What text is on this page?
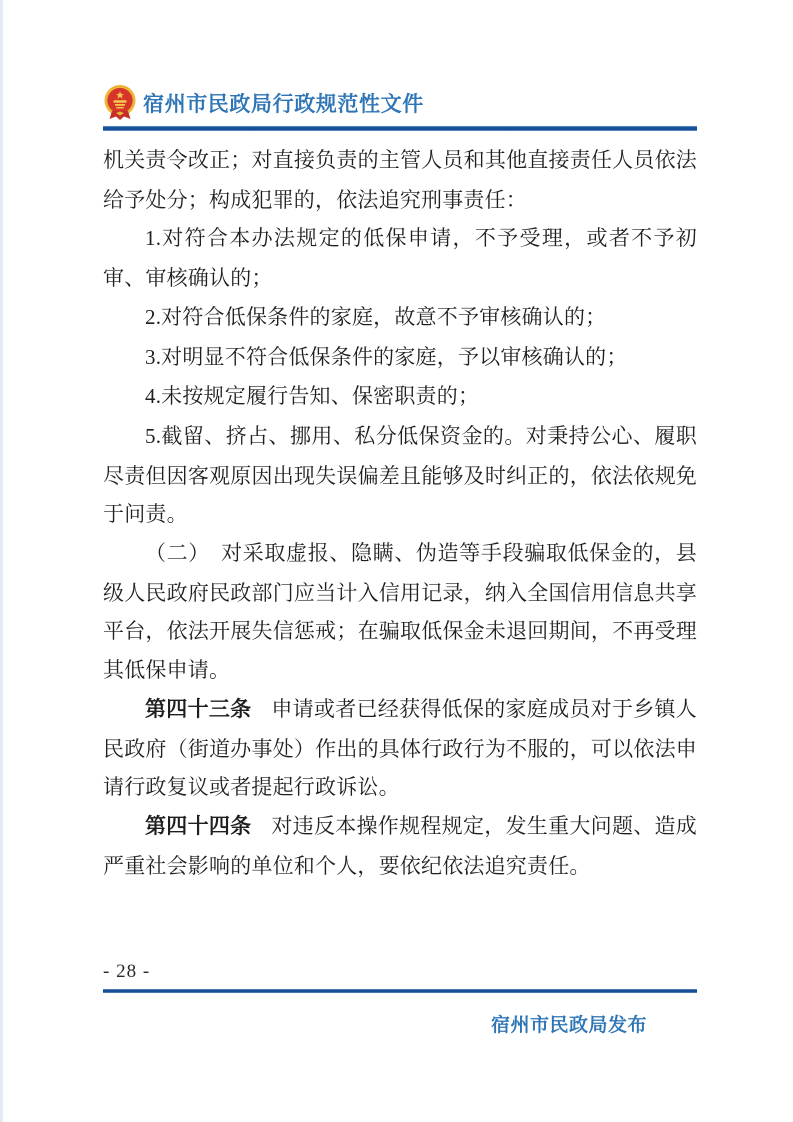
宿州市民政局行政规范性文件

机关责令改正；对直接负责的主管人员和其他直接责任人员依法给予处分；构成犯罪的，依法追究刑事责任：

1.对符合本办法规定的低保申请，不予受理，或者不予初审、审核确认的；

2.对符合低保条件的家庭，故意不予审核确认的；

3.对明显不符合低保条件的家庭，予以审核确认的；

4.未按规定履行告知、保密职责的；

5.截留、挤占、挪用、私分低保资金的。对秉持公心、履职尽责但因客观原因出现失误偏差且能够及时纠正的，依法依规免于问责。

（二）　对采取虚报、隐瞒、伪造等手段骗取低保金的，县级人民政府民政部门应当计入信用记录，纳入全国信用信息共享平台，依法开展失信惩戒；在骗取低保金未退回期间，不再受理其低保申请。

第四十三条 申请或者已经获得低保的家庭成员对于乡镇人民政府（街道办事处）作出的具体行政行为不服的，可以依法申请行政复议或者提起行政诉讼。

第四十四条 对违反本操作规程规定，发生重大问题、造成严重社会影响的单位和个人，要依纪依法追究责任。

- 28 -
宿州市民政局发布
